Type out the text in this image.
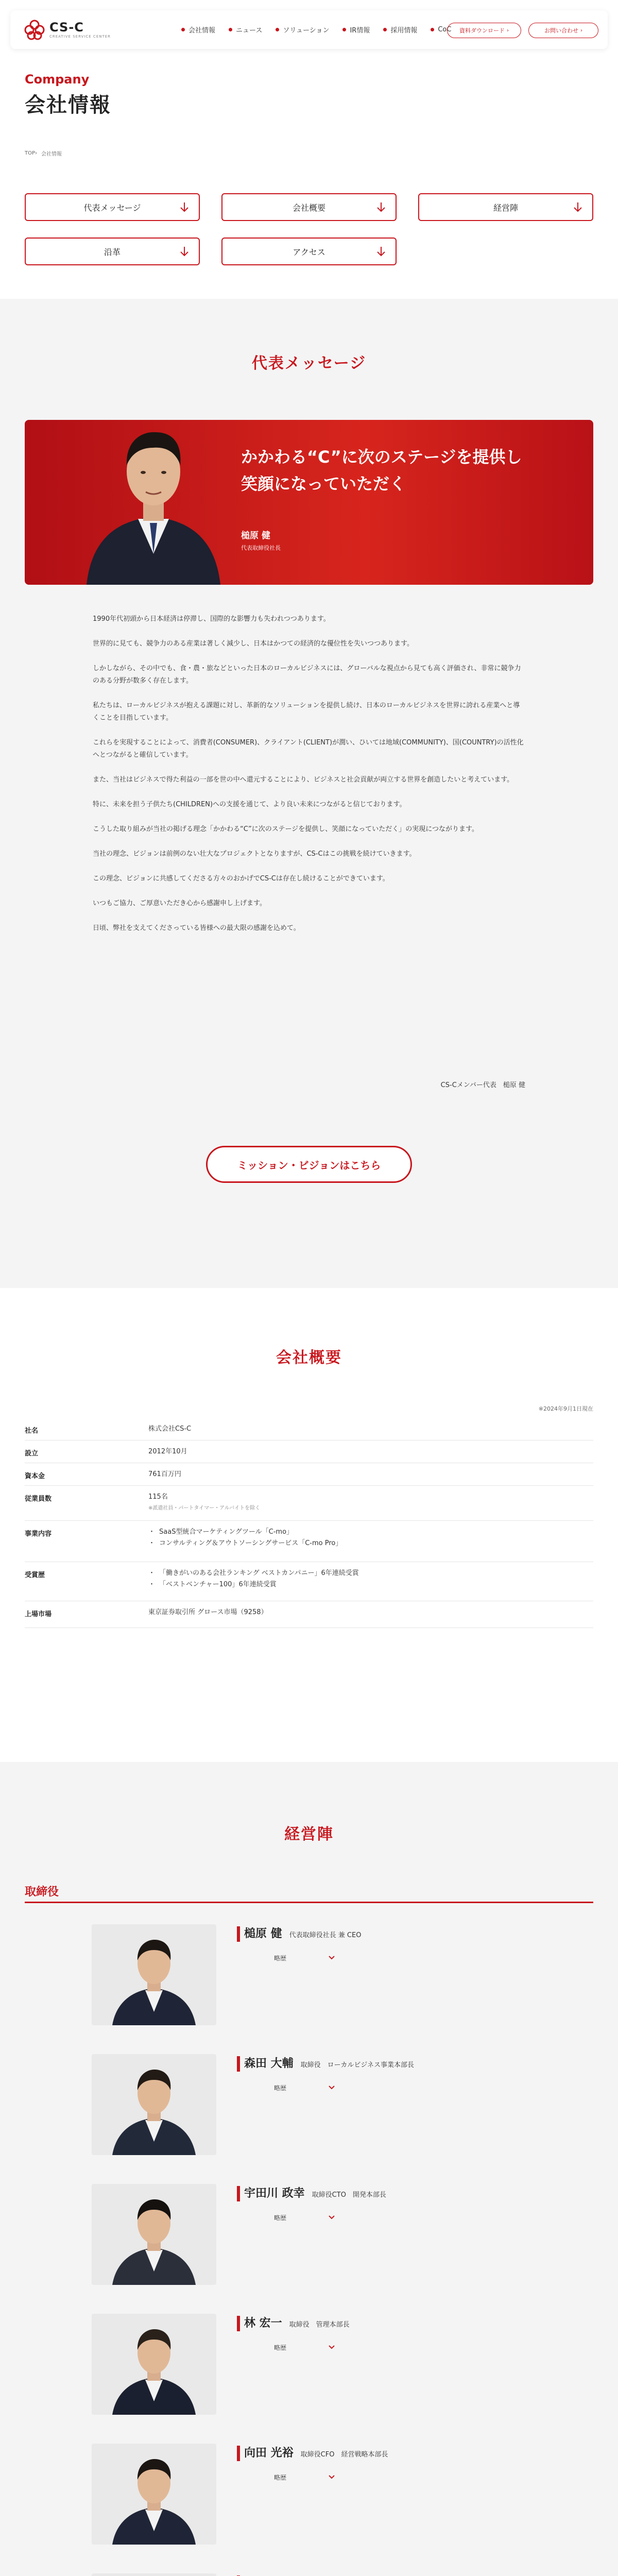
CS-C
CREATIVE SERVICE CENTER
会社情報	ニュース	ソリューション	IR情報	採用情報	CoC 資料ダウンロード ›	お問い合わせ ›
Company
会社情報
TOP › 会社情報
代表メッセージ	会社概要	経営陣
沿革	アクセス
代表メッセージ
かかわる“C”に次のステージを提供し
笑顔になっていただく
槌原 健
代表取締役社長

1990年代初頭から日本経済は停滞し、国際的な影響力も失われつつあります。

世界的に見ても、競争力のある産業は著しく減少し、日本はかつての経済的な優位性を失いつつあります。

しかしながら、その中でも、食・農・旅などといった日本のローカルビジネスには、グローバルな視点から見ても高く評価され、非常に競争力のある分野が数多く存在します。

私たちは、ローカルビジネスが抱える課題に対し、革新的なソリューションを提供し続け、日本のローカルビジネスを世界に誇れる産業へと導くことを目指しています。

これらを実現することによって、消費者(CONSUMER)、クライアント(CLIENT)が潤い、ひいては地域(COMMUNITY)、国(COUNTRY)の活性化へとつながると確信しています。

また、当社はビジネスで得た利益の一部を世の中へ還元することにより、ビジネスと社会貢献が両立する世界を創造したいと考えています。

特に、未来を担う子供たち(CHILDREN)への支援を通じて、より良い未来につながると信じております。

こうした取り組みが当社の掲げる理念「かかわる“C”に次のステージを提供し、笑顔になっていただく」の実現につながります。

当社の理念、ビジョンは前例のない壮大なプロジェクトとなりますが、CS-Cはこの挑戦を続けていきます。

この理念、ビジョンに共感してくださる方々のおかげでCS-Cは存在し続けることができています。

いつもご協力、ご厚意いただき心から感謝申し上げます。

日頃、弊社を支えてくださっている皆様への最大限の感謝を込めて。

CS-Cメンバー代表　槌原 健
ミッション・ビジョンはこちら
会社概要
※2024年9月1日現在
社名	株式会社CS-C
設立	2012年10月
資本金	761百万円
従業員数	115名
※派遣社員・パートタイマー・アルバイトを除く
事業内容	・ SaaS型統合マーケティングツール「C-mo」
・ コンサルティング＆アウトソーシングサービス「C-mo Pro」
受賞歴	・ 「働きがいのある会社ランキング ベストカンパニー」6年連続受賞
・ 「ベストベンチャー100」6年連続受賞
上場市場	東京証券取引所 グロース市場（9258）
経営陣
取締役
槌原 健 代表取締役社長 兼 CEO
略歴
森田 大輔 取締役　ローカルビジネス事業本部長
略歴
宇田川 政幸 取締役CTO　開発本部長
略歴
林 宏一 取締役　管理本部長
略歴
向田 光裕 取締役CFO　経営戦略本部長
略歴
